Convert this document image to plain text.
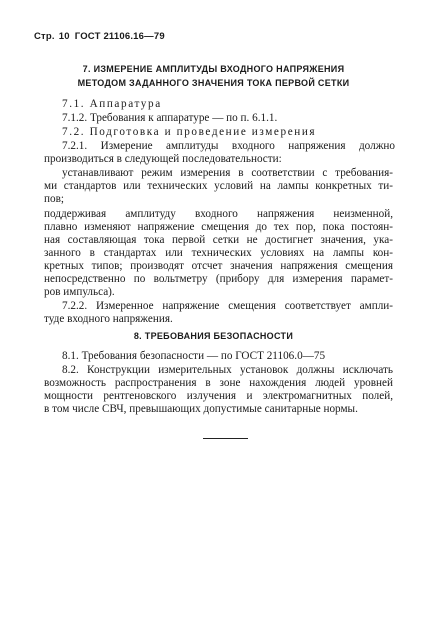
Стр. 10 ГОСТ 21106.16—79
7. ИЗМЕРЕНИЕ АМПЛИТУДЫ ВХОДНОГО НАПРЯЖЕНИЯ
МЕТОДОМ ЗАДАННОГО ЗНАЧЕНИЯ ТОКА ПЕРВОЙ СЕТКИ
7.1. Аппаратура
7.1.2. Требования к аппаратуре — по п. 6.1.1.
7.2. Подготовка и проведение измерения
7.2.1. Измерение амплитуды входного напряжения должно
производиться в следующей последовательности:
устанавливают режим измерения в соответствии с требования-
ми стандартов или технических условий на лампы конкретных ти-
пов;
поддерживая амплитуду входного напряжения неизменной,
плавно изменяют напряжение смещения до тех пор, пока постоян-
ная составляющая тока первой сетки не достигнет значения, ука-
занного в стандартах или технических условиях на лампы кон-
кретных типов; производят отсчет значения напряжения смещения
непосредственно по вольтметру (прибору для измерения парамет-
ров импульса).
7.2.2. Измеренное напряжение смещения соответствует ампли-
туде входного напряжения.
8. ТРЕБОВАНИЯ БЕЗОПАСНОСТИ
8.1. Требования безопасности — по ГОСТ 21106.0—75
8.2. Конструкции измерительных установок должны исключать
возможность распространения в зоне нахождения людей уровней
мощности рентгеновского излучения и электромагнитных полей,
в том числе СВЧ, превышающих допустимые санитарные нормы.
